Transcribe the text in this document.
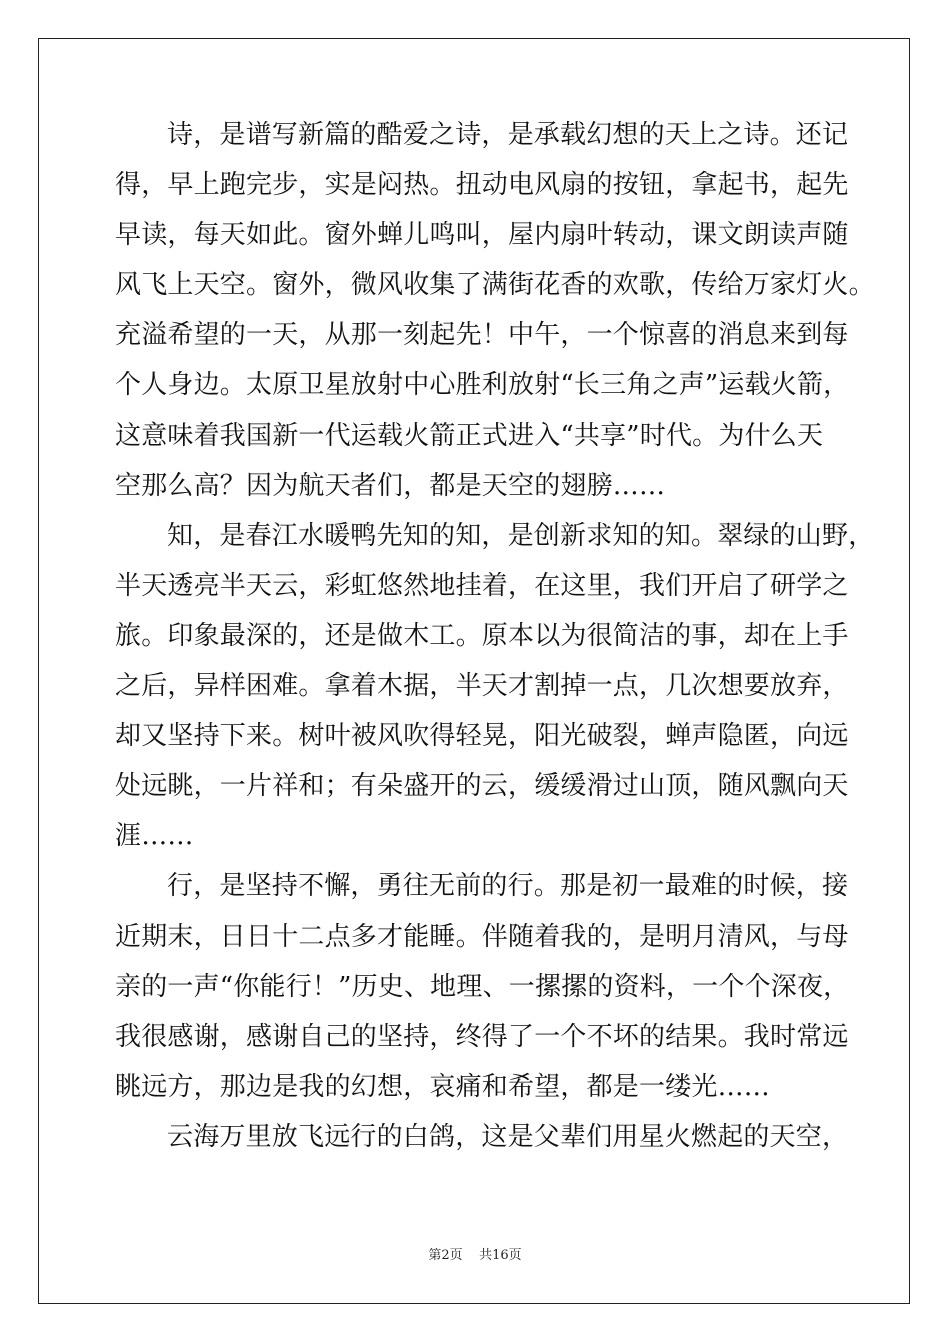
诗，是谱写新篇的酷爱之诗，是承载幻想的天上之诗。还记
得，早上跑完步，实是闷热。扭动电风扇的按钮，拿起书，起先
早读，每天如此。窗外蝉儿鸣叫，屋内扇叶转动，课文朗读声随
风飞上天空。窗外，微风收集了满街花香的欢歌，传给万家灯火。
充溢希望的一天，从那一刻起先！中午，一个惊喜的消息来到每
个人身边。太原卫星放射中心胜利放射“长三角之声”运载火箭，
这意味着我国新一代运载火箭正式进入“共享”时代。为什么天
空那么高？因为航天者们，都是天空的翅膀……
知，是春江水暖鸭先知的知，是创新求知的知。翠绿的山野，
半天透亮半天云，彩虹悠然地挂着，在这里，我们开启了研学之
旅。印象最深的，还是做木工。原本以为很简洁的事，却在上手
之后，异样困难。拿着木据，半天才割掉一点，几次想要放弃，
却又坚持下来。树叶被风吹得轻晃，阳光破裂，蝉声隐匿，向远
处远眺，一片祥和；有朵盛开的云，缓缓滑过山顶，随风飘向天
涯……
行，是坚持不懈，勇往无前的行。那是初一最难的时候，接
近期末，日日十二点多才能睡。伴随着我的，是明月清风，与母
亲的一声“你能行！”历史、地理、一摞摞的资料，一个个深夜，
我很感谢，感谢自己的坚持，终得了一个不坏的结果。我时常远
眺远方，那边是我的幻想，哀痛和希望，都是一缕光……
云海万里放飞远行的白鸽，这是父辈们用星火燃起的天空，
第2页 共16页
